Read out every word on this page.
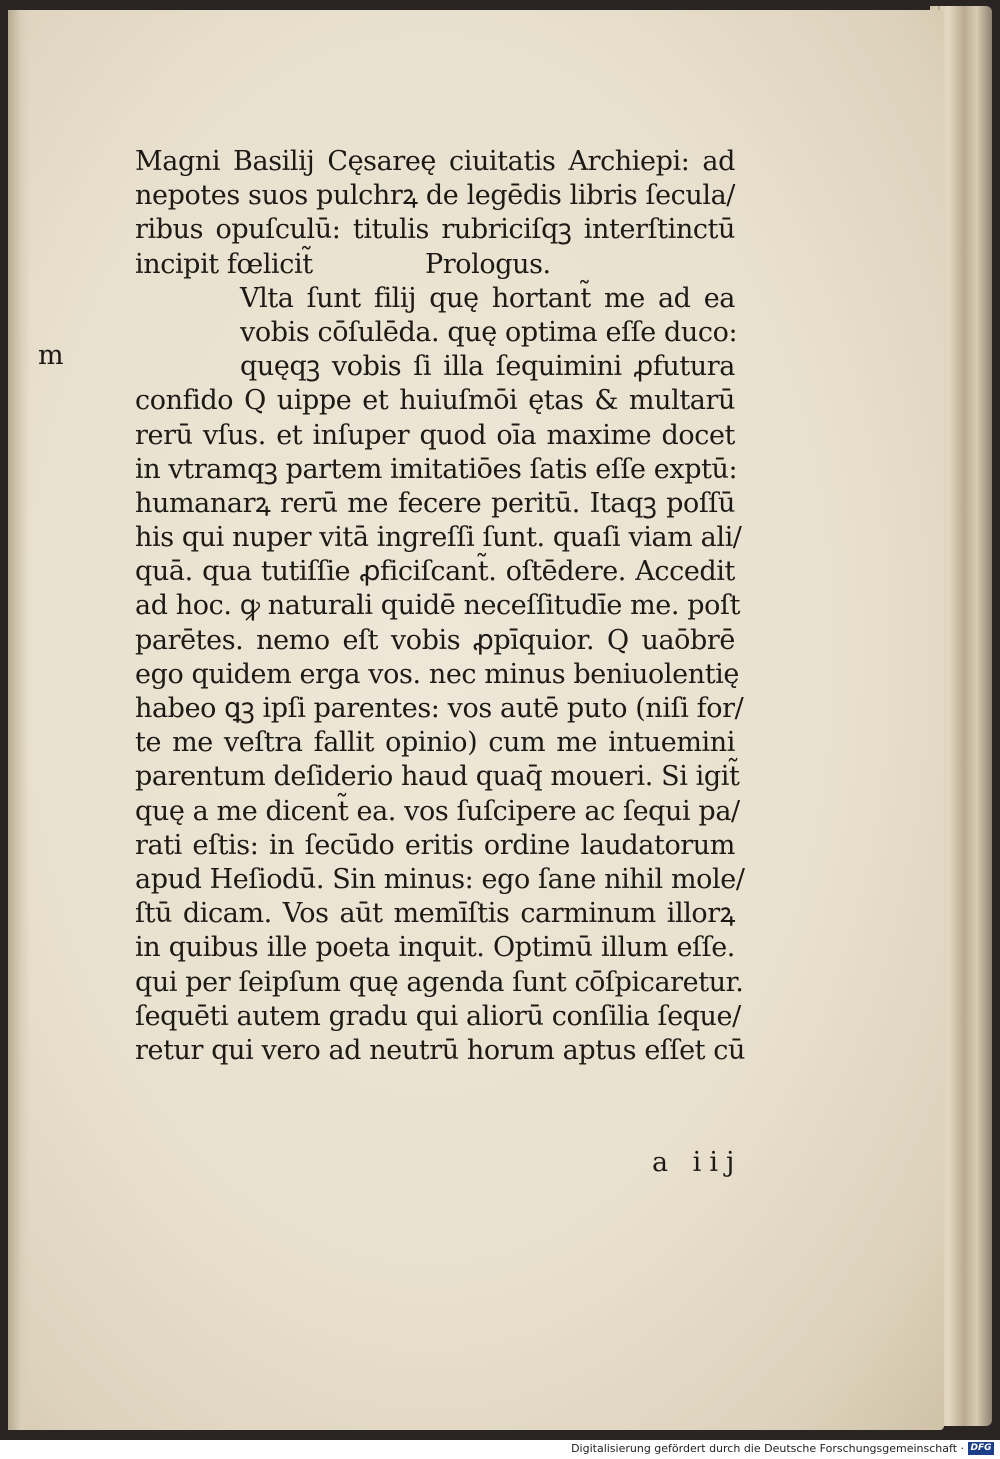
Magni Basilij Cęsareę ciuitatis Archiepi: ad
nepotes suos pulchrꝝ de legēdis libris ſecula/
ribus opuſculū: titulis rubriciſqꝫ interſtinctū
incipit fœlicit̃	Prologus.
Vlta ſunt filij quę hortant̃ me ad ea
vobis cōſulēda. quę optima eſſe duco:
quęqꝫ vobis ſi illa ſequimini ꝓfutura
confido Q uippe et huiuſmōi ętas & multarū
rerū vſus. et inſuper quod oīa maxime docet
in vtramqꝫ partem imitatiōes ſatis eſſe exptū:
humanarꝝ rerū me fecere peritū. Itaqꝫ poſſū
his qui nuper vitā ingreſſi ſunt. quaſi viam ali/
quā. qua tutiſſie ꝓficiſcant̃. oſtēdere. Accedit
ad hoc. ꝙ naturali quidē neceſſitudīe me. poſt
parētes. nemo eſt vobis ꝓpīquior. Q uaōbrē
ego quidem erga vos. nec minus beniuolentię
habeo ꝗꝫ ipſi parentes: vos autē puto (niſi for/
te me veſtra fallit opinio) cum me intuemini
parentum deſiderio haud quaq̄ moueri. Si igit̃
quę a me dicent̃ ea. vos ſuſcipere ac ſequi pa/
rati eſtis: in ſecūdo eritis ordine laudatorum
apud Heſiodū. Sin minus: ego ſane nihil mole/
ſtū dicam. Vos aūt memīſtis carminum illorꝝ
in quibus ille poeta inquit. Optimū illum eſſe.
qui per ſeipſum quę agenda ſunt cōſpicaretur.
ſequēti autem gradu qui aliorū conſilia ſeque/
retur qui vero ad neutrū horum aptus eſſet cū
m
a iij
Digitalisierung gefördert durch die Deutsche Forschungsgemeinschaft · DFG
